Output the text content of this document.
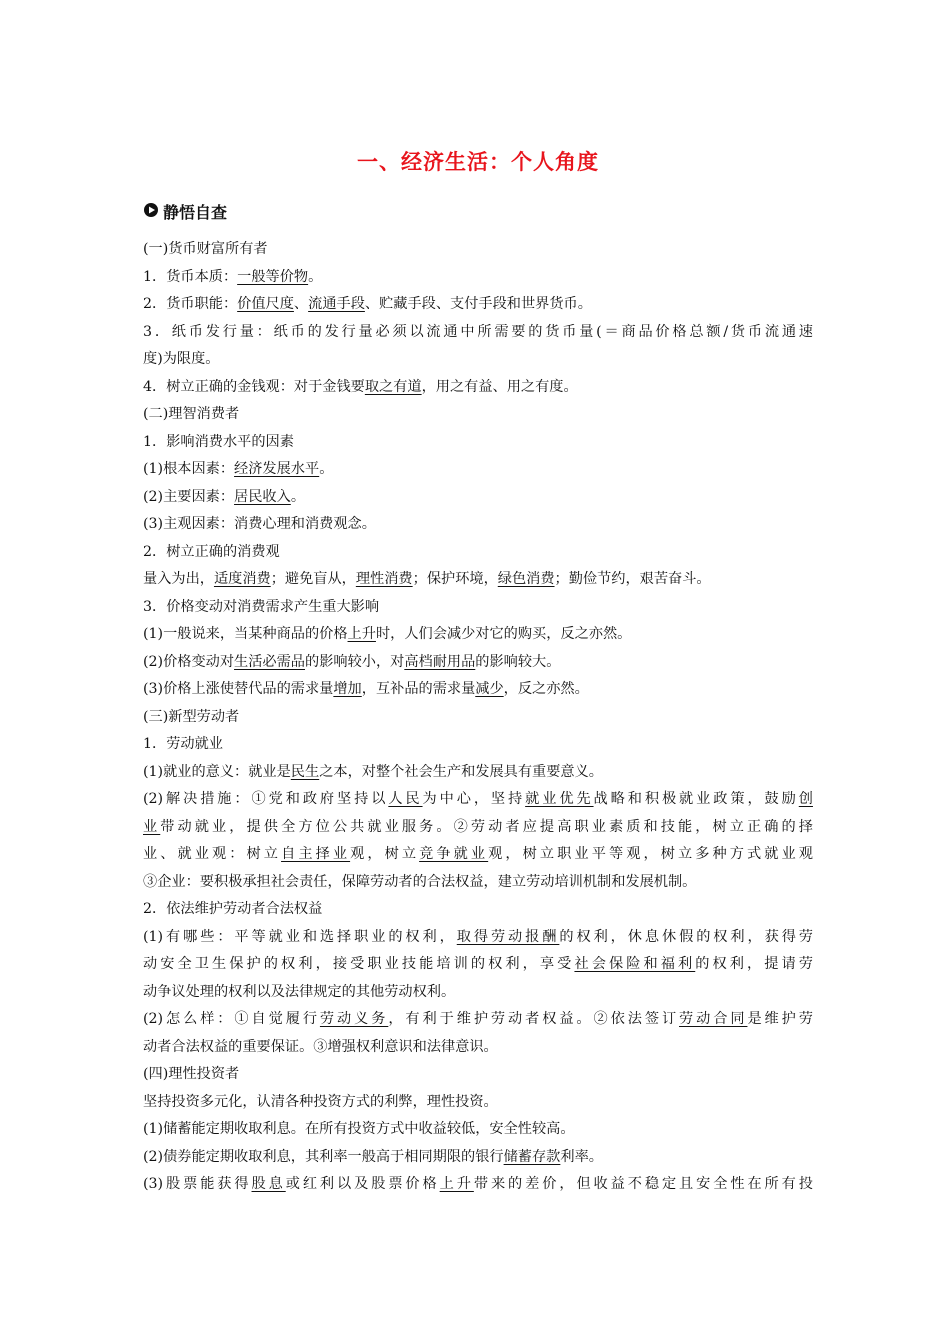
一、经济生活：个人角度
静悟自查
(一)货币财富所有者
1．货币本质：一般等价物。
2．货币职能：价值尺度、流通手段、贮藏手段、支付手段和世界货币。
3．纸币发行量：纸币的发行量必须以流通中所需要的货币量(＝商品价格总额/货币流通速
度)为限度。
4．树立正确的金钱观：对于金钱要取之有道，用之有益、用之有度。
(二)理智消费者
1．影响消费水平的因素
(1)根本因素：经济发展水平。
(2)主要因素：居民收入。
(3)主观因素：消费心理和消费观念。
2．树立正确的消费观
量入为出，适度消费；避免盲从，理性消费；保护环境，绿色消费；勤俭节约，艰苦奋斗。
3．价格变动对消费需求产生重大影响
(1)一般说来，当某种商品的价格上升时，人们会减少对它的购买，反之亦然。
(2)价格变动对生活必需品的影响较小，对高档耐用品的影响较大。
(3)价格上涨使替代品的需求量增加，互补品的需求量减少，反之亦然。
(三)新型劳动者
1．劳动就业
(1)就业的意义：就业是民生之本，对整个社会生产和发展具有重要意义。
(2)解决措施：①党和政府坚持以人民为中心，坚持就业优先战略和积极就业政策，鼓励创
业带动就业，提供全方位公共就业服务。②劳动者应提高职业素质和技能，树立正确的择
业、就业观：树立自主择业观，树立竞争就业观，树立职业平等观，树立多种方式就业观
③企业：要积极承担社会责任，保障劳动者的合法权益，建立劳动培训机制和发展机制。
2．依法维护劳动者合法权益
(1)有哪些：平等就业和选择职业的权利，取得劳动报酬的权利，休息休假的权利，获得劳
动安全卫生保护的权利，接受职业技能培训的权利，享受社会保险和福利的权利，提请劳
动争议处理的权利以及法律规定的其他劳动权利。
(2)怎么样：①自觉履行劳动义务，有利于维护劳动者权益。②依法签订劳动合同是维护劳
动者合法权益的重要保证。③增强权利意识和法律意识。
(四)理性投资者
坚持投资多元化，认清各种投资方式的利弊，理性投资。
(1)储蓄能定期收取利息。在所有投资方式中收益较低，安全性较高。
(2)债券能定期收取利息，其利率一般高于相同期限的银行储蓄存款利率。
(3)股票能获得股息或红利以及股票价格上升带来的差价，但收益不稳定且安全性在所有投
